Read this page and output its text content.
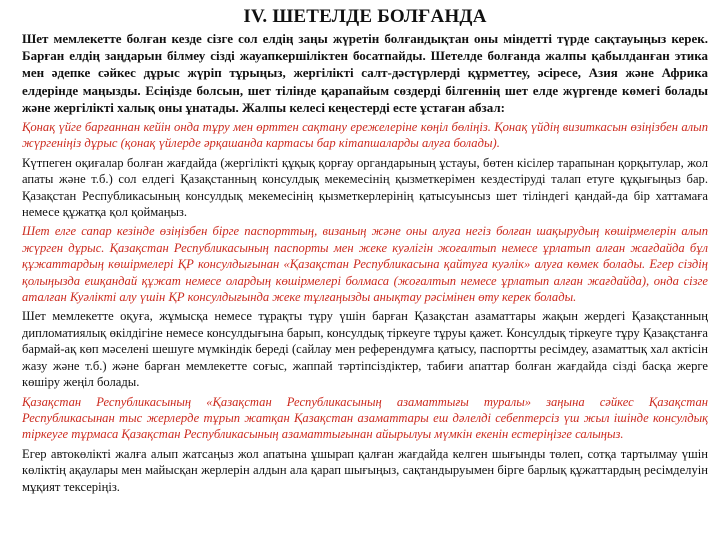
IV. ШЕТЕЛДЕ БОЛҒАНДА

Шет мемлекетте болған кезде сізге сол елдің заңы жүретін болғандықтан оны міндетті түрде сақтауыңыз керек. Барған елдің заңдарын білмеу сізді жауапкершіліктен босатпайды. Шетелде болғанда жалпы қабылданған этика мен әдепке сәйкес дұрыс жүріп тұрыңыз, жергілікті салт-дәстүрлерді құрметтеу, әсіресе, Азия және Африка елдерінде маңызды. Есіңізде болсын, шет тілінде қарапайым сөздерді білгеннің шет елде жүргенде көмегі болады және жергілікті халық оны ұнатады. Жалпы келесі кеңестерді есте ұстаған абзал:

Қонақ үйге барғаннан кейін онда тұру мен өрттен сақтану ережелеріне көңіл бөліңіз. Қонақ үйдің визиткасын өзіңізбен алып жүргеніңіз дұрыс (қонақ үйлерде әрқашанда картасы бар кітапшаларды алуға болады).

Күтпеген оқиғалар болған жағдайда (жергілікті құқық қорғау органдарының ұстауы, бөтен кісілер тарапынан қорқытулар, жол апаты және т.б.) сол елдегі Қазақстанның консулдық мекемесінің қызметкерімен кездестіруді талап етуге құқығыңыз бар. Қазақстан Республикасының консулдық мекемесінің қызметкерлерінің қатысуынсыз шет тіліндегі қандай-да бір хаттамаға немесе құжатқа қол қоймаңыз.

Шет елге сапар кезінде өзіңізбен бірге паспорттың, визаның және оны алуға негіз болған шақырудың көшірмелерін алып жүрген дұрыс. Қазақстан Республикасының паспорты мен жеке куәлігін жоғалтып немесе ұрлатып алған жағдайда бұл құжаттардың көшірмелері ҚР консулдығынан «Қазақстан Республикасына қайтуға куәлік» алуға көмек болады. Егер сіздің қолыңызда ешқандай құжат немесе олардың көшірмелері болмаса (жоғалтып немесе ұрлатып алған жағдайда), онда сізге аталған Куәлікті алу үшін ҚР консулдығында жеке тұлғаңызды анықтау рәсімінен өту керек болады.

Шет мемлекетте оқуға, жұмысқа немесе тұрақты тұру үшін барған Қазақстан азаматтары жақын жердегі Қазақстанның дипломатиялық өкілдігіне немесе консулдығына барып, консулдық тіркеуге тұруы қажет. Консулдық тіркеуге тұру Қазақстанға бармай-ақ көп мәселені шешуге мүмкіндік береді (сайлау мен референдумға қатысу, паспортты ресімдеу, азаматтық хал актісін жазу және т.б.) және барған мемлекетте соғыс, жаппай тәртіпсіздіктер, табиғи апаттар болған жағдайда сізді басқа жерге көшіру жеңіл болады.

Қазақстан Республикасының «Қазақстан Республикасының азаматтығы туралы» заңына сәйкес Қазақстан Республикасынан тыс жерлерде тұрып жатқан Қазақстан азаматтары еш дәлелді себептерсіз үш жыл ішінде консулдық тіркеуге тұрмаса Қазақстан Республикасының азаматтығынан айырылуы мүмкін екенін естеріңізге салыңыз.

Егер автокөлікті жалға алып жатсаңыз жол апатына ұшырап қалған жағдайда келген шығынды төлеп, сотқа тартылмау үшін көліктің ақаулары мен майысқан жерлерін алдын ала қарап шығыңыз, сақтандыруымен бірге барлық құжаттардың ресімделуін мұқият тексеріңіз.
